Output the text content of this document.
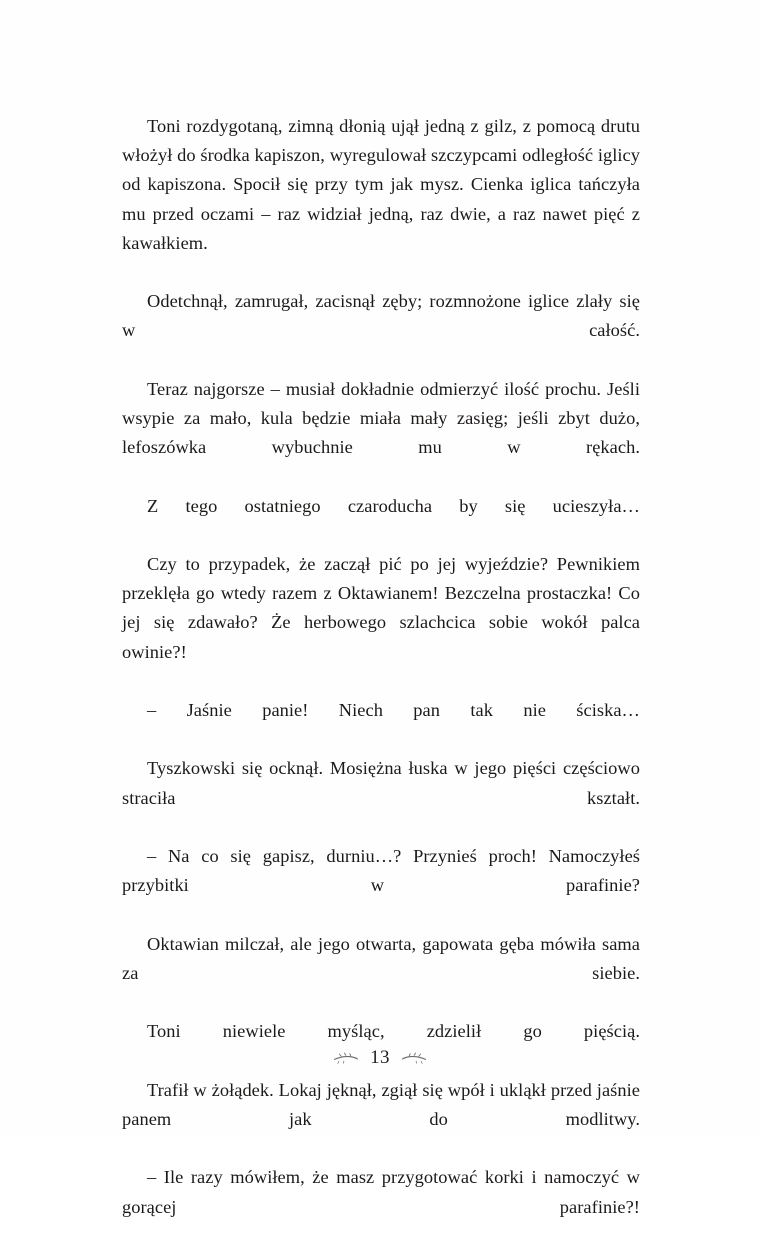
Toni rozdygotaną, zimną dłonią ujął jedną z gilz, z pomocą drutu włożył do środka kapiszon, wyregulował szczypcami odległość iglicy od kapiszona. Spocił się przy tym jak mysz. Cienka iglica tańczyła mu przed oczami – raz widział jedną, raz dwie, a raz nawet pięć z kawałkiem.

Odetchnął, zamrugał, zacisnął zęby; rozmnożone iglice zlały się w całość.

Teraz najgorsze – musiał dokładnie odmierzyć ilość prochu. Jeśli wsypie za mało, kula będzie miała mały zasięg; jeśli zbyt dużo, lefoszówka wybuchnie mu w rękach.

Z tego ostatniego czaroducha by się ucieszyła…

Czy to przypadek, że zaczął pić po jej wyjeździe? Pewnikiem przeklęła go wtedy razem z Oktawianem! Bezczelna prostaczka! Co jej się zdawało? Że herbowego szlachcica sobie wokół palca owinie?!

– Jaśnie panie! Niech pan tak nie ściska…

Tyszkowski się ocknął. Mosiężna łuska w jego pięści częściowo straciła kształt.

– Na co się gapisz, durniu…? Przynieś proch! Namoczyłeś przybitki w parafinie?

Oktawian milczał, ale jego otwarta, gapowata gęba mówiła sama za siebie.

Toni niewiele myśląc, zdzielił go pięścią.

Trafił w żołądek. Lokaj jęknął, zgiął się wpół i ukląkł przed jaśnie panem jak do modlitwy.

– Ile razy mówiłem, że masz przygotować korki i namoczyć w gorącej parafinie?!

13
